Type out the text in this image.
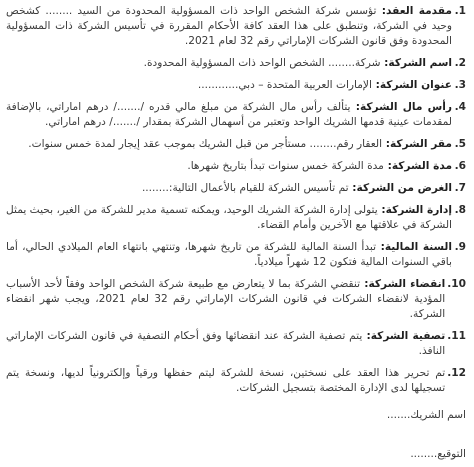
1.
مقدمة العقد: تؤسس شركة الشخص الواحد ذات المسؤولية المحدودة من السيد ........ كشخص وحيد في الشركة، وتنطبق على هذا العقد كافة الأحكام المقررة في تأسيس الشركة ذات المسؤولية المحدودة وفق قانون الشركات الإماراتي رقم 32 لعام 2021.
2.
اسم الشركة: شركة........ الشخص الواحد ذات المسؤولية المحدودة.
3.
عنوان الشركة: الإمارات العربية المتحدة – دبي............
4.
رأس مال الشركة: يتألف رأس مال الشركة من مبلغ مالي قدره /......./ درهم اماراتي، بالإضافة لمقدمات عينية قدمها الشريك الواحد وتعتبر من أسهمال الشركة بمقدار /......./ درهم اماراتي.
5.
مقر الشركة: العقار رقم........ مستأجر من قبل الشريك بموجب عقد إيجار لمدة خمس سنوات.
6.
مدة الشركة: مدة الشركة خمس سنوات تبدأ بتاريخ شهرها.
7.
الغرض من الشركة: تم تأسيس الشركة للقيام بالأعمال التالية:........
8.
إدارة الشركة: يتولى إدارة الشركة الشريك الوحيد، ويمكنه تسمية مدير للشركة من الغير، بحيث يمثل الشركة في علاقتها مع الآخرين وأمام القضاء.
9.
السنة المالية: تبدأ السنة المالية للشركة من تاريخ شهرها، وتنتهي بانتهاء العام الميلادي الحالي، أما باقي السنوات المالية فتكون 12 شهراً ميلادياً.
10.
انقضاء الشركة: تنقضي الشركة بما لا يتعارض مع طبيعة شركة الشخص الواحد وفقاً لأحد الأسباب المؤدية لانقضاء الشركات في قانون الشركات الإماراتي رقم 32 لعام 2021، ويجب شهر انقضاء الشركة.
11.
تصفية الشركة: يتم تصفية الشركة عند انقضائها وفق أحكام التصفية في قانون الشركات الإماراتي النافذ.
12.
تم تحرير هذا العقد على نسختين، نسخة للشركة ليتم حفظها ورقياً وإلكترونياً لديها، ونسخة يتم تسجيلها لدى الإدارة المختصة بتسجيل الشركات.
اسم الشريك.......
التوقيع........
